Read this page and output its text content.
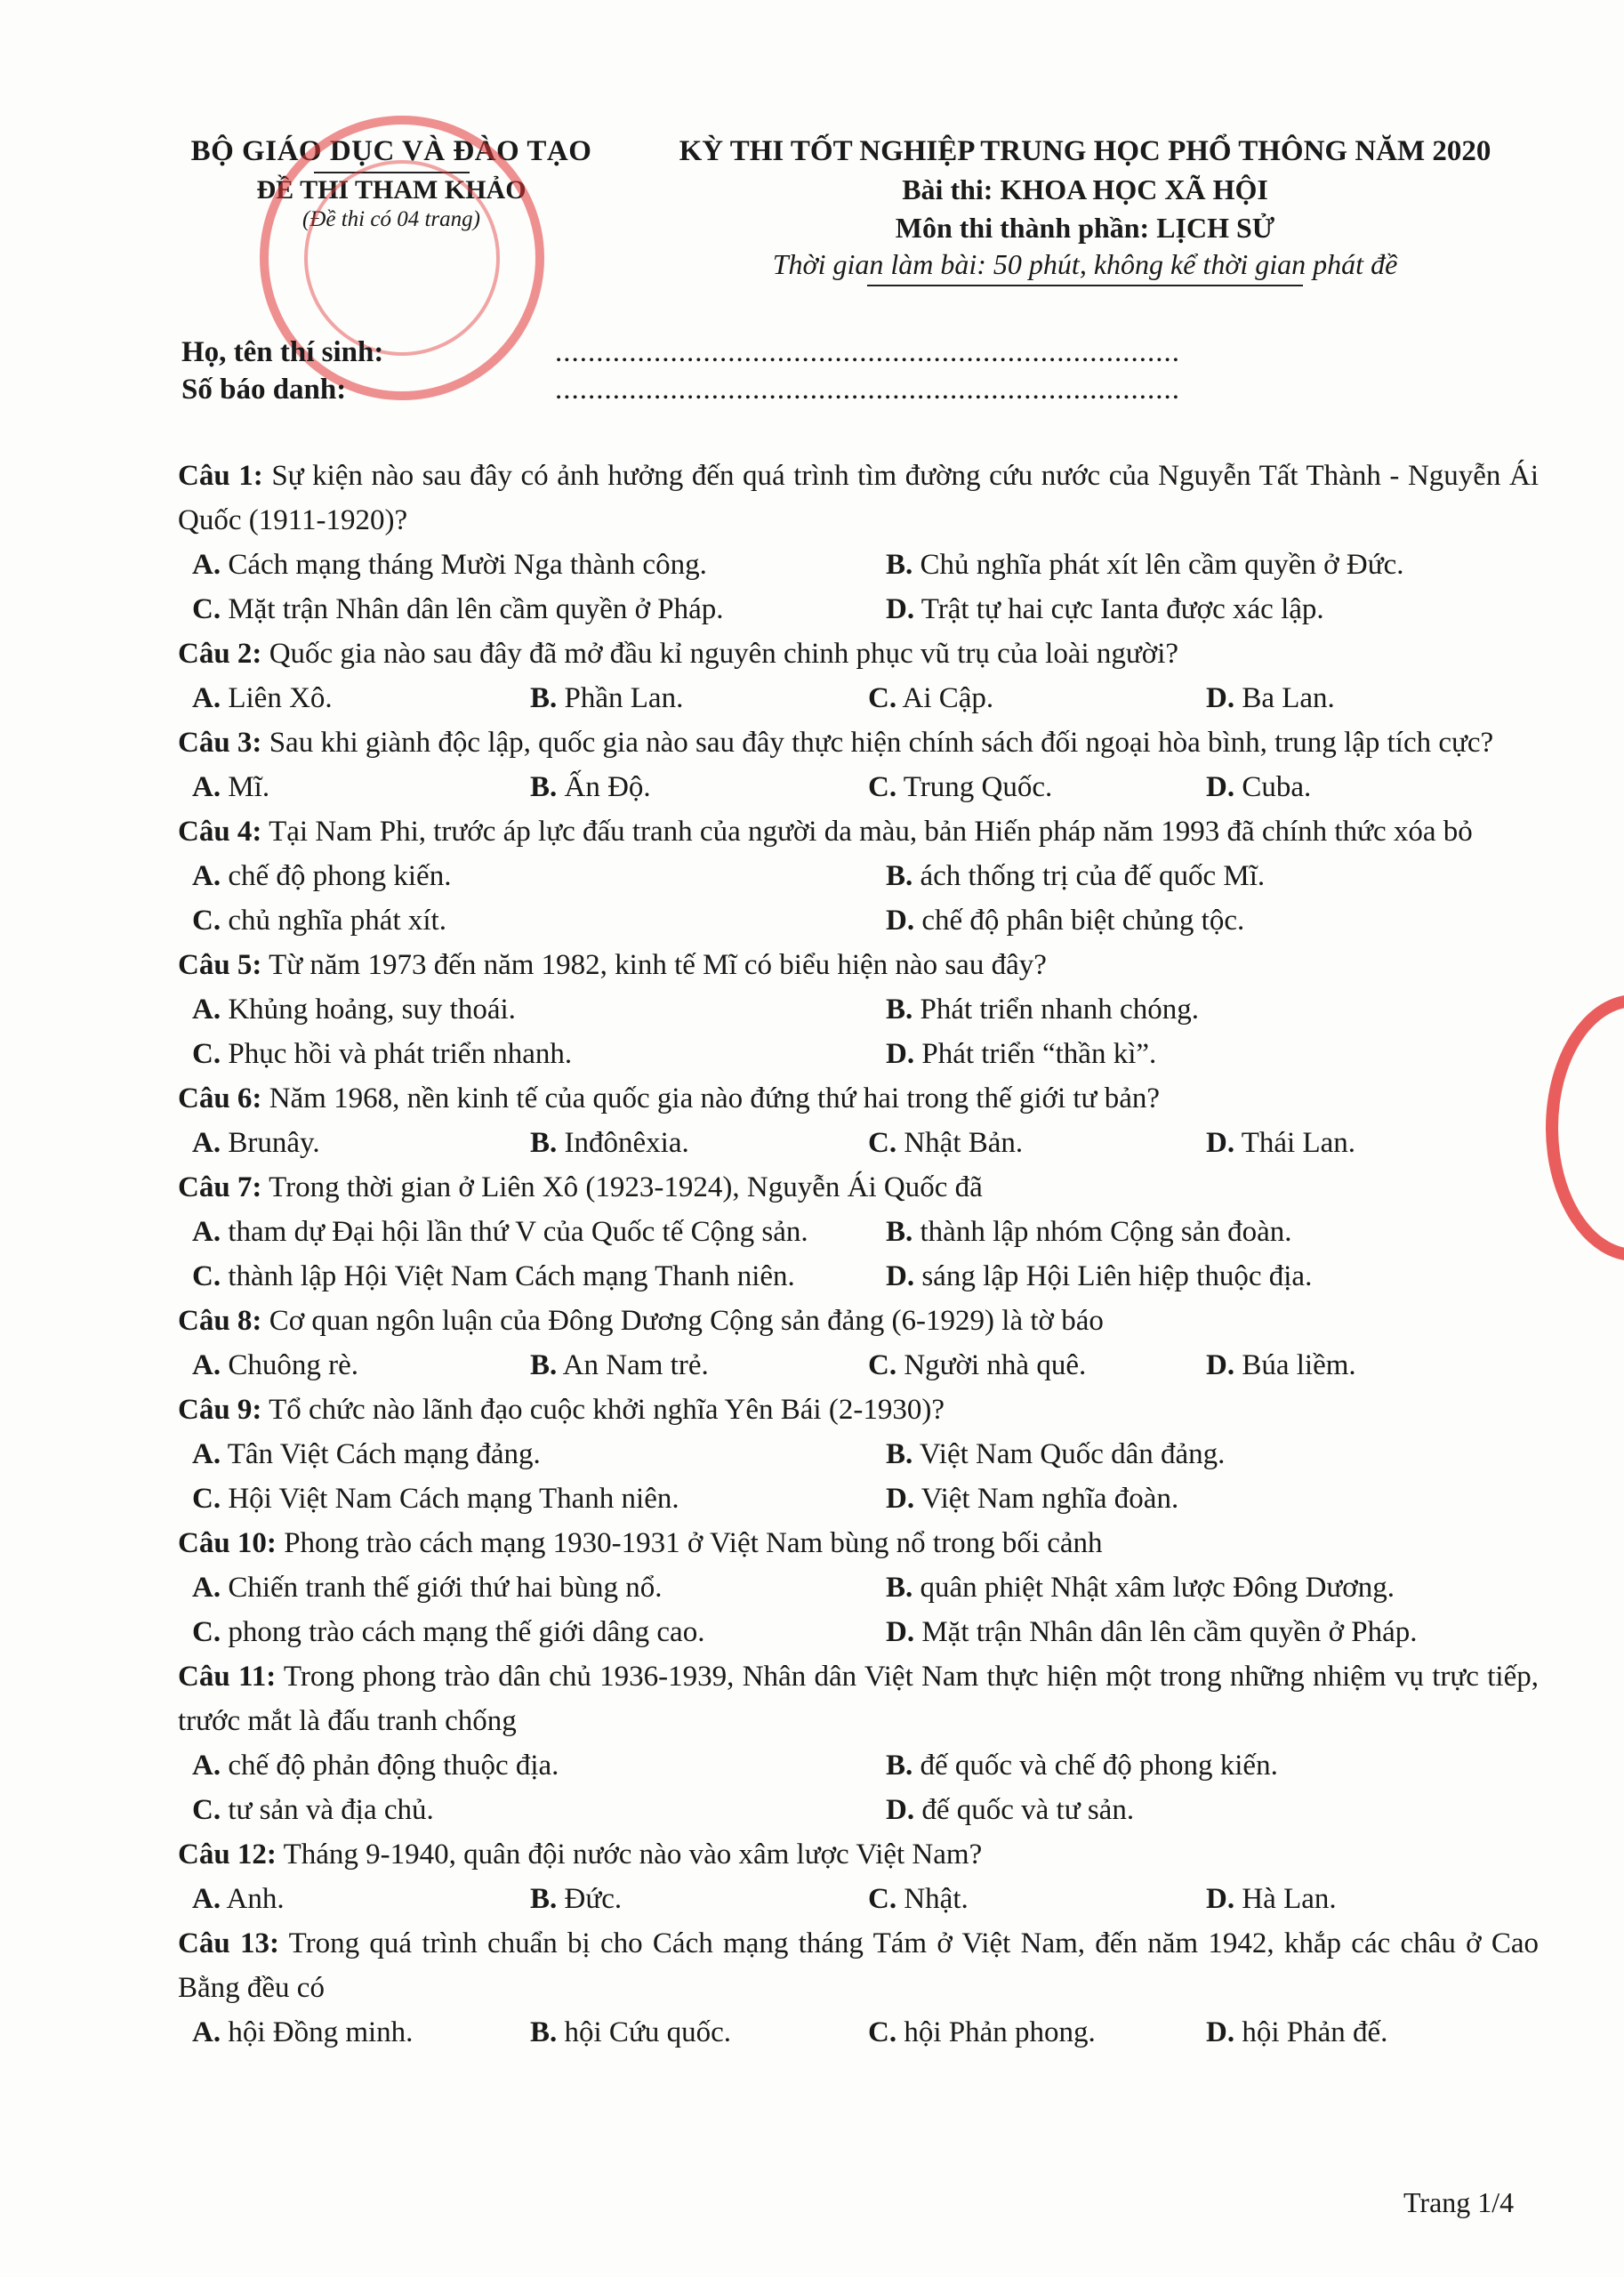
BỘ GIÁO DỤC VÀ ĐÀO TẠO
ĐỀ THI THAM KHẢO
(Đề thi có 04 trang)
KỲ THI TỐT NGHIỆP TRUNG HỌC PHỔ THÔNG NĂM 2020
Bài thi: KHOA HỌC XÃ HỘI
Môn thi thành phần: LỊCH SỬ
Thời gian làm bài: 50 phút, không kể thời gian phát đề
Họ, tên thí sinh:	............................................................................
Số báo danh:	............................................................................
Câu 1: Sự kiện nào sau đây có ảnh hưởng đến quá trình tìm đường cứu nước của Nguyễn Tất Thành - Nguyễn Ái Quốc (1911-1920)?
A. Cách mạng tháng Mười Nga thành công.	B. Chủ nghĩa phát xít lên cầm quyền ở Đức.
C. Mặt trận Nhân dân lên cầm quyền ở Pháp.	D. Trật tự hai cực Ianta được xác lập.
Câu 2: Quốc gia nào sau đây đã mở đầu kỉ nguyên chinh phục vũ trụ của loài người?
A. Liên Xô.	B. Phần Lan.	C. Ai Cập.	D. Ba Lan.
Câu 3: Sau khi giành độc lập, quốc gia nào sau đây thực hiện chính sách đối ngoại hòa bình, trung lập tích cực?
A. Mĩ.	B. Ấn Độ.	C. Trung Quốc.	D. Cuba.
Câu 4: Tại Nam Phi, trước áp lực đấu tranh của người da màu, bản Hiến pháp năm 1993 đã chính thức xóa bỏ
A. chế độ phong kiến.	B. ách thống trị của đế quốc Mĩ.
C. chủ nghĩa phát xít.	D. chế độ phân biệt chủng tộc.
Câu 5: Từ năm 1973 đến năm 1982, kinh tế Mĩ có biểu hiện nào sau đây?
A. Khủng hoảng, suy thoái.	B. Phát triển nhanh chóng.
C. Phục hồi và phát triển nhanh.	D. Phát triển “thần kì”.
Câu 6: Năm 1968, nền kinh tế của quốc gia nào đứng thứ hai trong thế giới tư bản?
A. Brunây.	B. Inđônêxia.	C. Nhật Bản.	D. Thái Lan.
Câu 7: Trong thời gian ở Liên Xô (1923-1924), Nguyễn Ái Quốc đã
A. tham dự Đại hội lần thứ V của Quốc tế Cộng sản.	B. thành lập nhóm Cộng sản đoàn.
C. thành lập Hội Việt Nam Cách mạng Thanh niên.	D. sáng lập Hội Liên hiệp thuộc địa.
Câu 8: Cơ quan ngôn luận của Đông Dương Cộng sản đảng (6-1929) là tờ báo
A. Chuông rè.	B. An Nam trẻ.	C. Người nhà quê.	D. Búa liềm.
Câu 9: Tổ chức nào lãnh đạo cuộc khởi nghĩa Yên Bái (2-1930)?
A. Tân Việt Cách mạng đảng.	B. Việt Nam Quốc dân đảng.
C. Hội Việt Nam Cách mạng Thanh niên.	D. Việt Nam nghĩa đoàn.
Câu 10: Phong trào cách mạng 1930-1931 ở Việt Nam bùng nổ trong bối cảnh
A. Chiến tranh thế giới thứ hai bùng nổ.	B. quân phiệt Nhật xâm lược Đông Dương.
C. phong trào cách mạng thế giới dâng cao.	D. Mặt trận Nhân dân lên cầm quyền ở Pháp.
Câu 11: Trong phong trào dân chủ 1936-1939, Nhân dân Việt Nam thực hiện một trong những nhiệm vụ trực tiếp, trước mắt là đấu tranh chống
A. chế độ phản động thuộc địa.	B. đế quốc và chế độ phong kiến.
C. tư sản và địa chủ.	D. đế quốc và tư sản.
Câu 12: Tháng 9-1940, quân đội nước nào vào xâm lược Việt Nam?
A. Anh.	B. Đức.	C. Nhật.	D. Hà Lan.
Câu 13: Trong quá trình chuẩn bị cho Cách mạng tháng Tám ở Việt Nam, đến năm 1942, khắp các châu ở Cao Bằng đều có
A. hội Đồng minh.	B. hội Cứu quốc.	C. hội Phản phong.	D. hội Phản đế.
Trang 1/4
